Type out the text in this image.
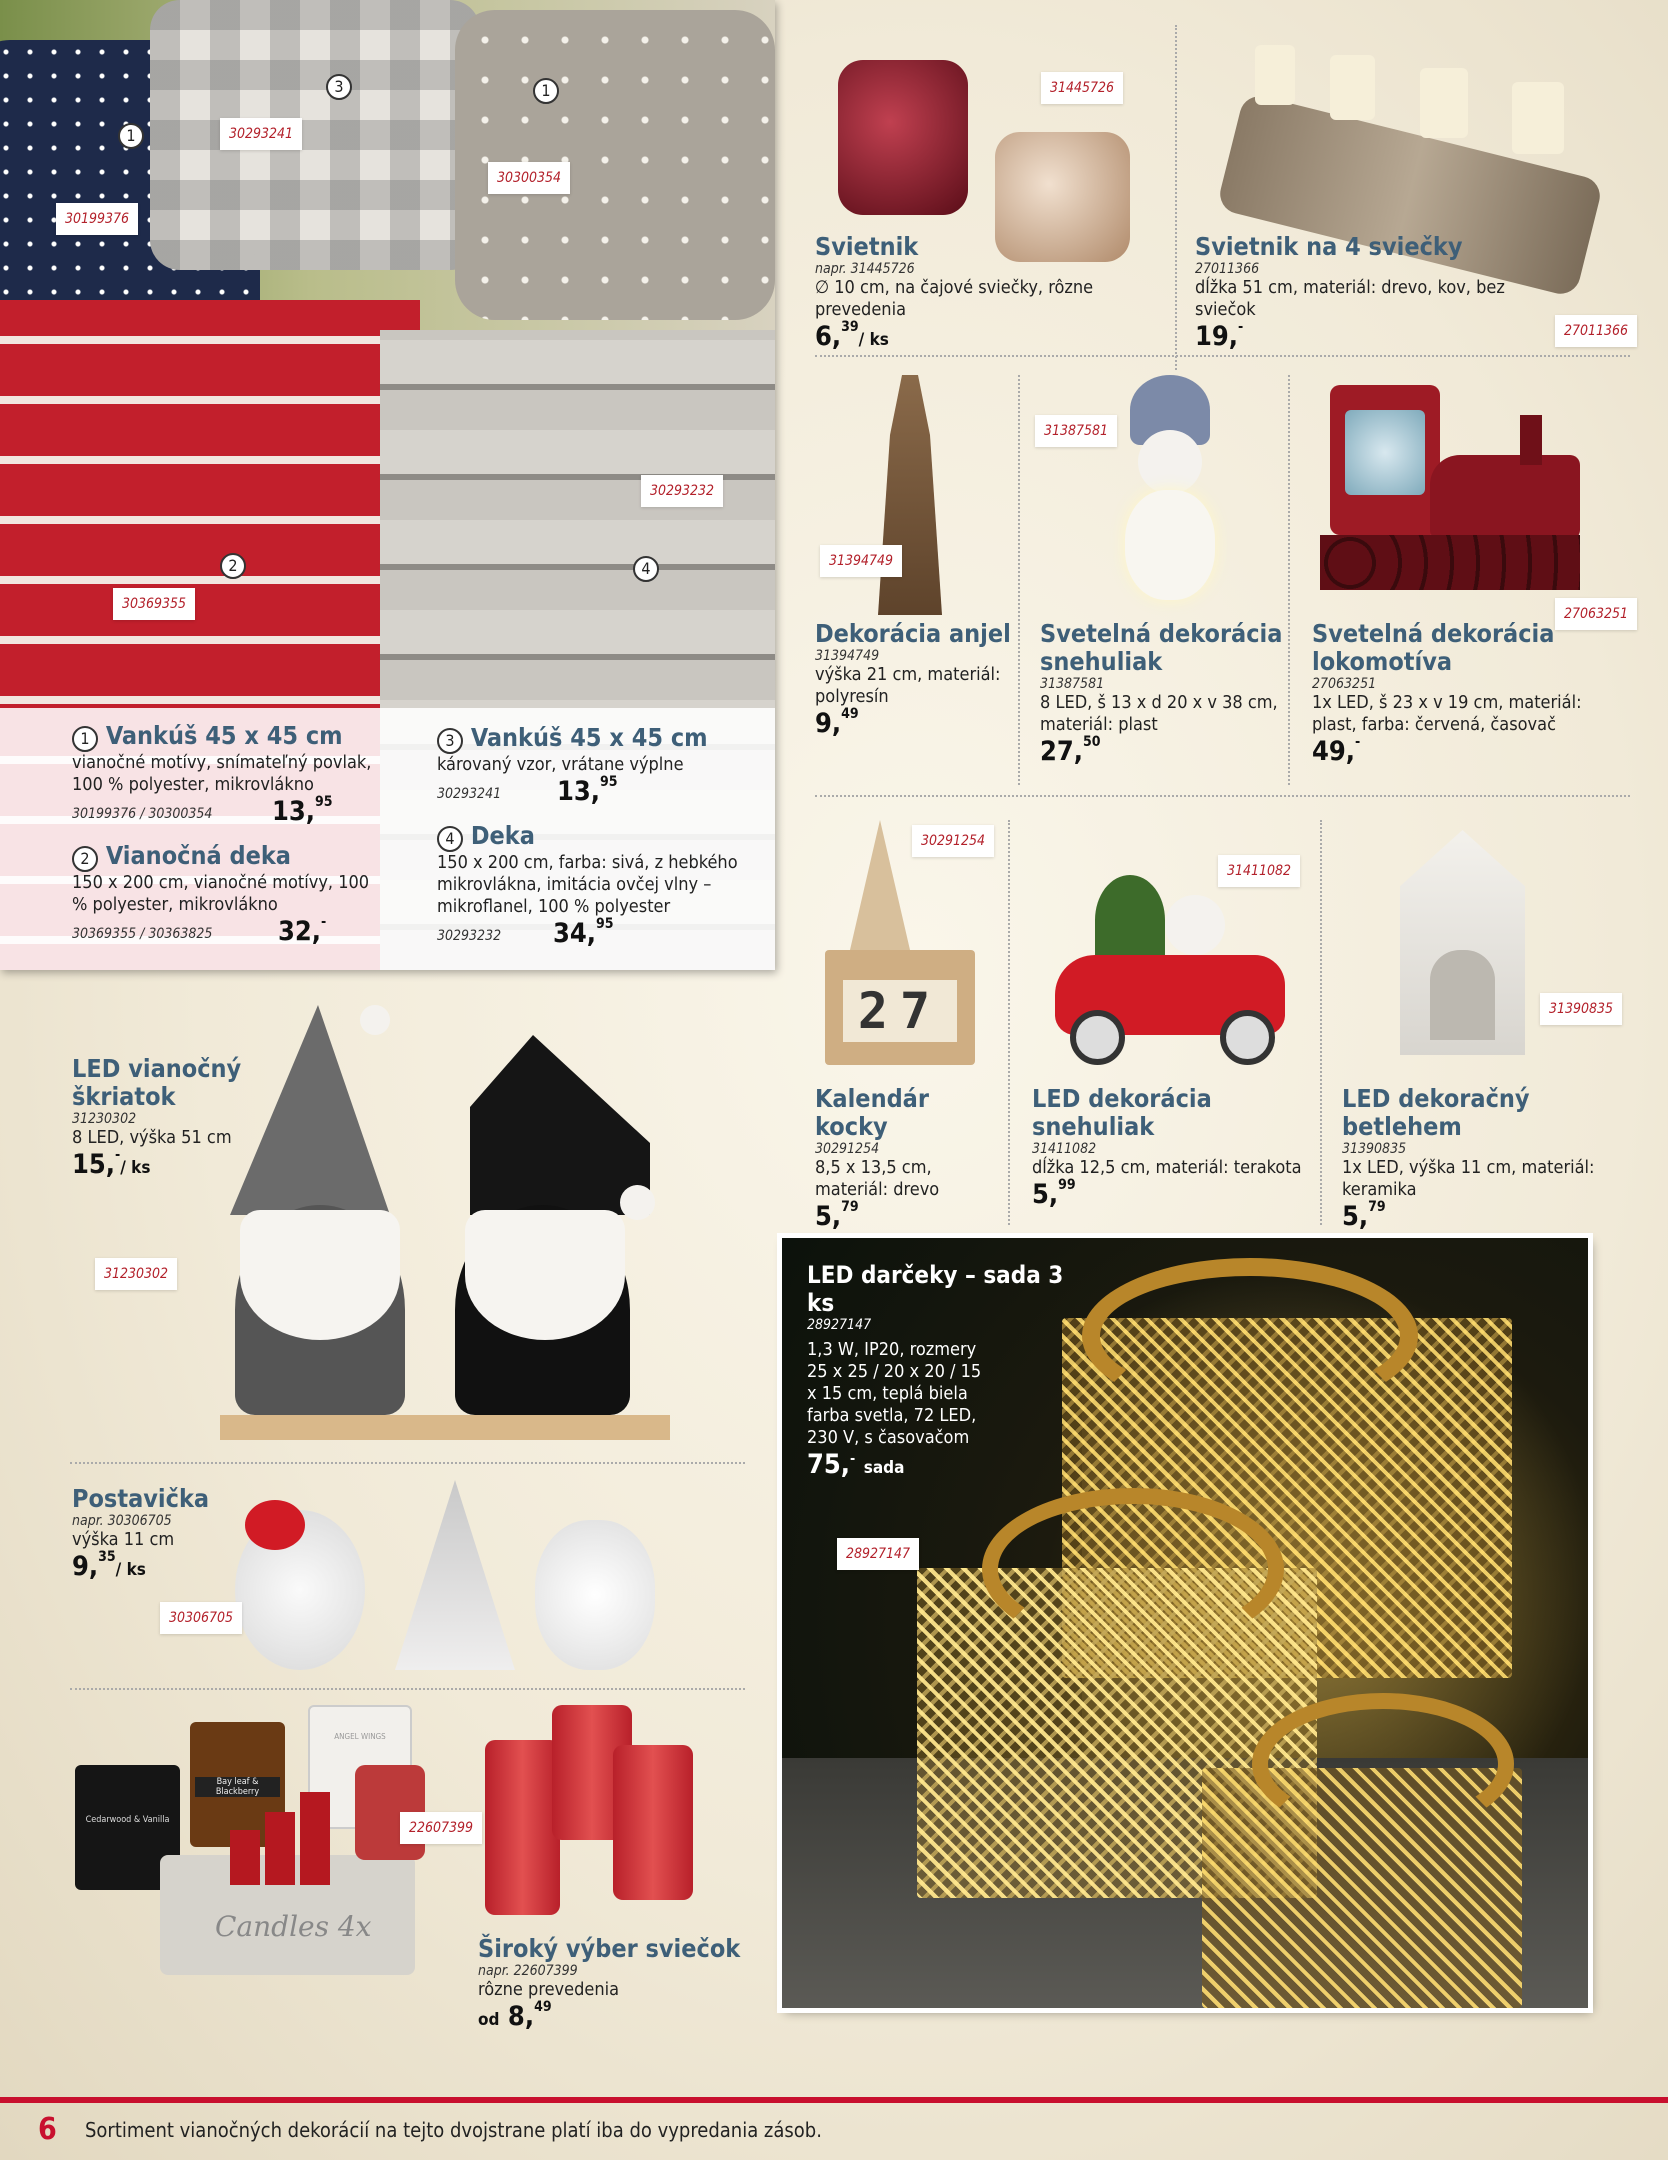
30293241
30300354
30199376
30293232
30369355
1
3	1
2	4
1 Vankúš 45 x 45 cm
vianočné motívy, snímateľný povlak, 100 % polyester, mikrovlákno
30199376 / 30300354 13,95
2 Vianočná deka
150 x 200 cm, vianočné motívy, 100 % polyester, mikrovlákno
30369355 / 30363825 32,-
3 Vankúš 45 x 45 cm
károvaný vzor, vrátane výplne
30293241 13,95
4 Deka
150 x 200 cm, farba: sivá, z hebkého mikrovlákna, imitácia ovčej vlny – mikroflanel, 100 % polyester
30293232 34,95
31445726
Svietnik
napr. 31445726
∅ 10 cm, na čajové sviečky, rôzne prevedenia
6,39/ ks
Svietnik na 4 sviečky
27011366
dĺžka 51 cm, materiál: drevo, kov, bez sviečok
19,-	27011366
31394749
Dekorácia anjel
31394749
výška 21 cm, materiál: polyresín
9,49
31387581
Svetelná dekorácia snehuliak
31387581
8 LED, š 13 x d 20 x v 38 cm, materiál: plast
27,50
27063251
Svetelná dekorácia lokomotíva
27063251
1x LED, š 23 x v 19 cm, materiál: plast, farba: červená, časovač
49,-
27
30291254
Kalendár kocky
30291254
8,5 x 13,5 cm, materiál: drevo
5,79
31411082
LED dekorácia snehuliak
31411082
dĺžka 12,5 cm, materiál: terakota
5,99
31390835
LED dekoračný betlehem
31390835
1x LED, výška 11 cm, materiál: keramika
5,79
LED vianočný škriatok
31230302
8 LED, výška 51 cm
15,-/ ks
31230302
30306705
Postavička
napr. 30306705
výška 11 cm
9,35/ ks
Cedarwood & Vanilla
Bay leaf & Blackberry
ANGEL WINGS
Candles 4x
22607399
Široký výber sviečok
napr. 22607399
rôzne prevedenia
od 8,49
LED darčeky – sada 3 ks
28927147
1,3 W, IP20, rozmery 25 x 25 / 20 x 20 / 15 x 15 cm, teplá biela farba svetla, 72 LED, 230 V, s časovačom
75,- sada
28927147
6 Sortiment vianočných dekorácií na tejto dvojstrane platí iba do vypredania zásob.
